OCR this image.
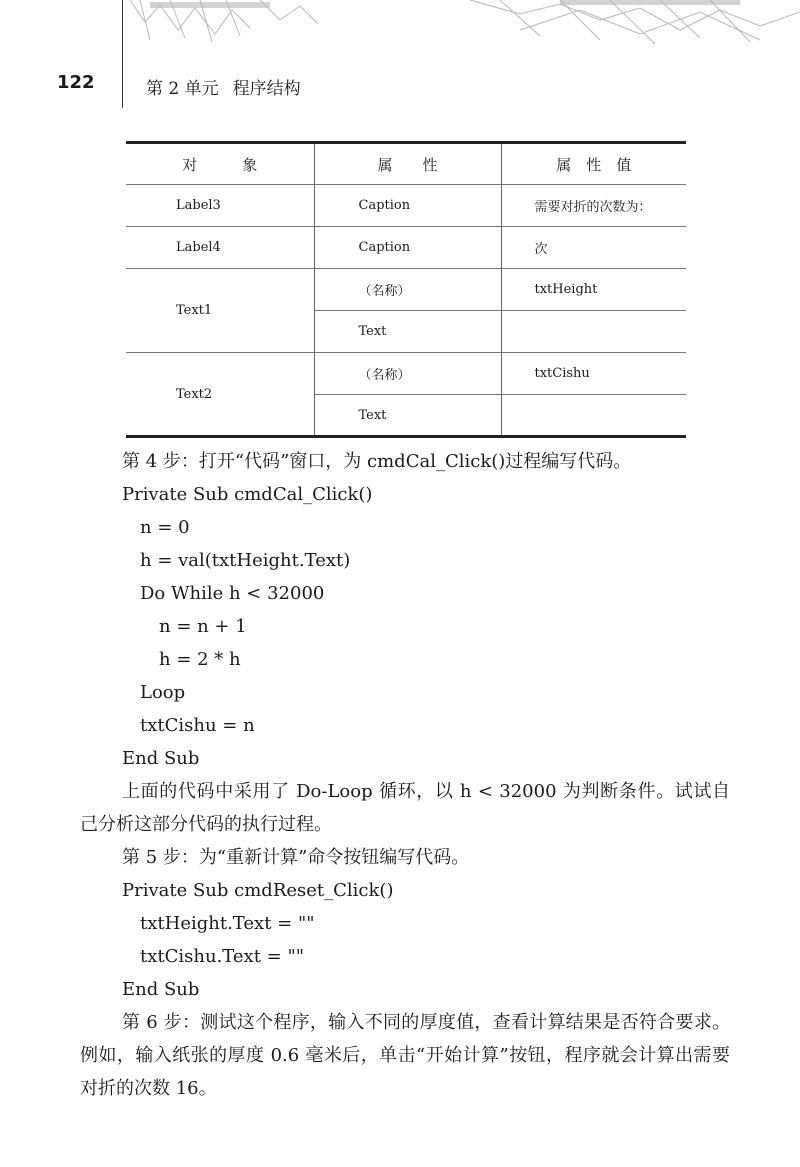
122	第 2 单元 程序结构
对　　　象	属　　性	属　性　值
Label3	Caption	需要对折的次数为：
Label4	Caption	次
Text1	（名称）	txtHeight
	Text	
Text2	（名称）	txtCishu
	Text	

第 4 步：打开“代码”窗口，为 cmdCal_Click()过程编写代码。

Private Sub cmdCal_Click()

n = 0

h = val(txtHeight.Text)

Do While h < 32000

n = n + 1

h = 2 * h

Loop

txtCishu = n

End Sub

上面的代码中采用了 Do-Loop 循环，以 h < 32000 为判断条件。试试自己分析这部分代码的执行过程。

第 5 步：为“重新计算”命令按钮编写代码。

Private Sub cmdReset_Click()

txtHeight.Text = ""

txtCishu.Text = ""

End Sub

第 6 步：测试这个程序，输入不同的厚度值，查看计算结果是否符合要求。例如，输入纸张的厚度 0.6 毫米后，单击“开始计算”按钮，程序就会计算出需要对折的次数 16。
